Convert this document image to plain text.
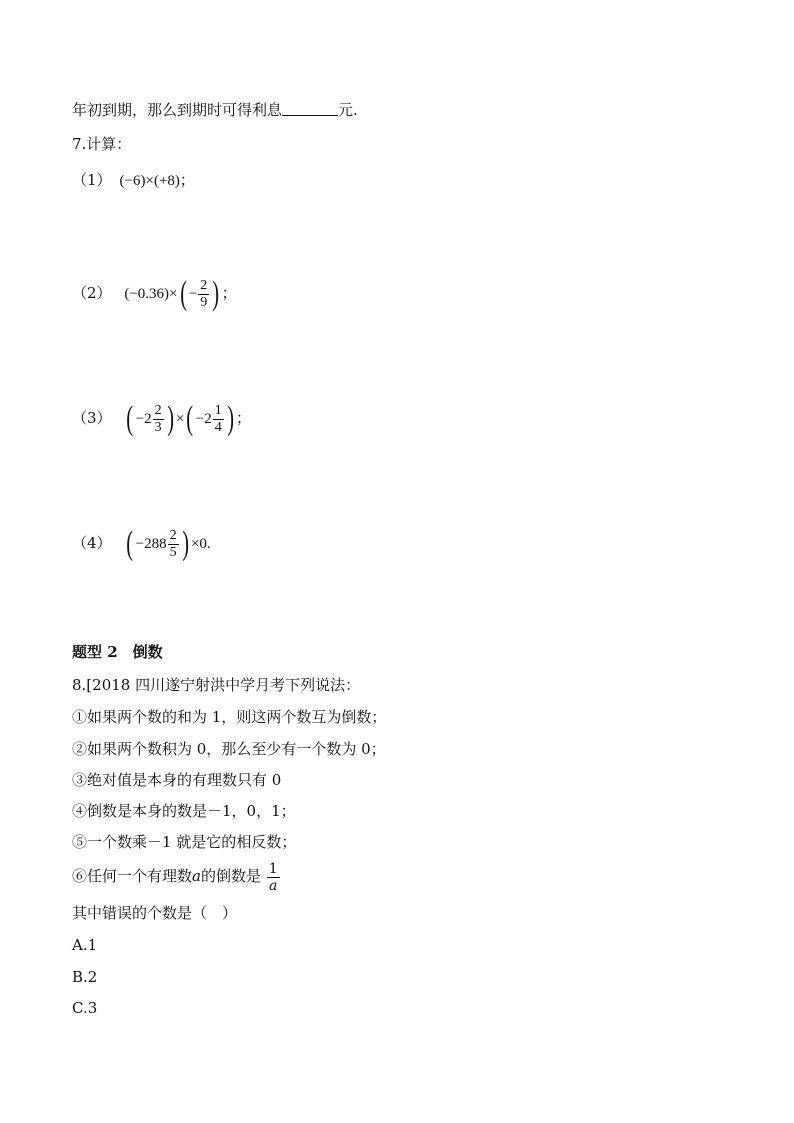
年初到期，那么到期时可得利息	元.
7.计算：
（1） (−6)×(+8)；
（2） (−0.36)× ( − $\frac{2}{9}$ ) ；
（3） ( $-2 \frac{2}{3}$ ) × ( $-2 \frac{1}{4}$ ) ；
（4） ( $-288 \frac{2}{5}$ ) ×0.
题型 2　倒数
8.[2018 四川遂宁射洪中学月考下列说法：
①如果两个数的和为 1，则这两个数互为倒数；
②如果两个数积为 0，那么至少有一个数为 0；
③绝对值是本身的有理数只有 0
④倒数是本身的数是－1，0，1；
⑤一个数乘－1 就是它的相反数；
⑥任何一个有理数a的倒数是 $\frac{1}{a}$
其中错误的个数是（　）
A.1
B.2
C.3
